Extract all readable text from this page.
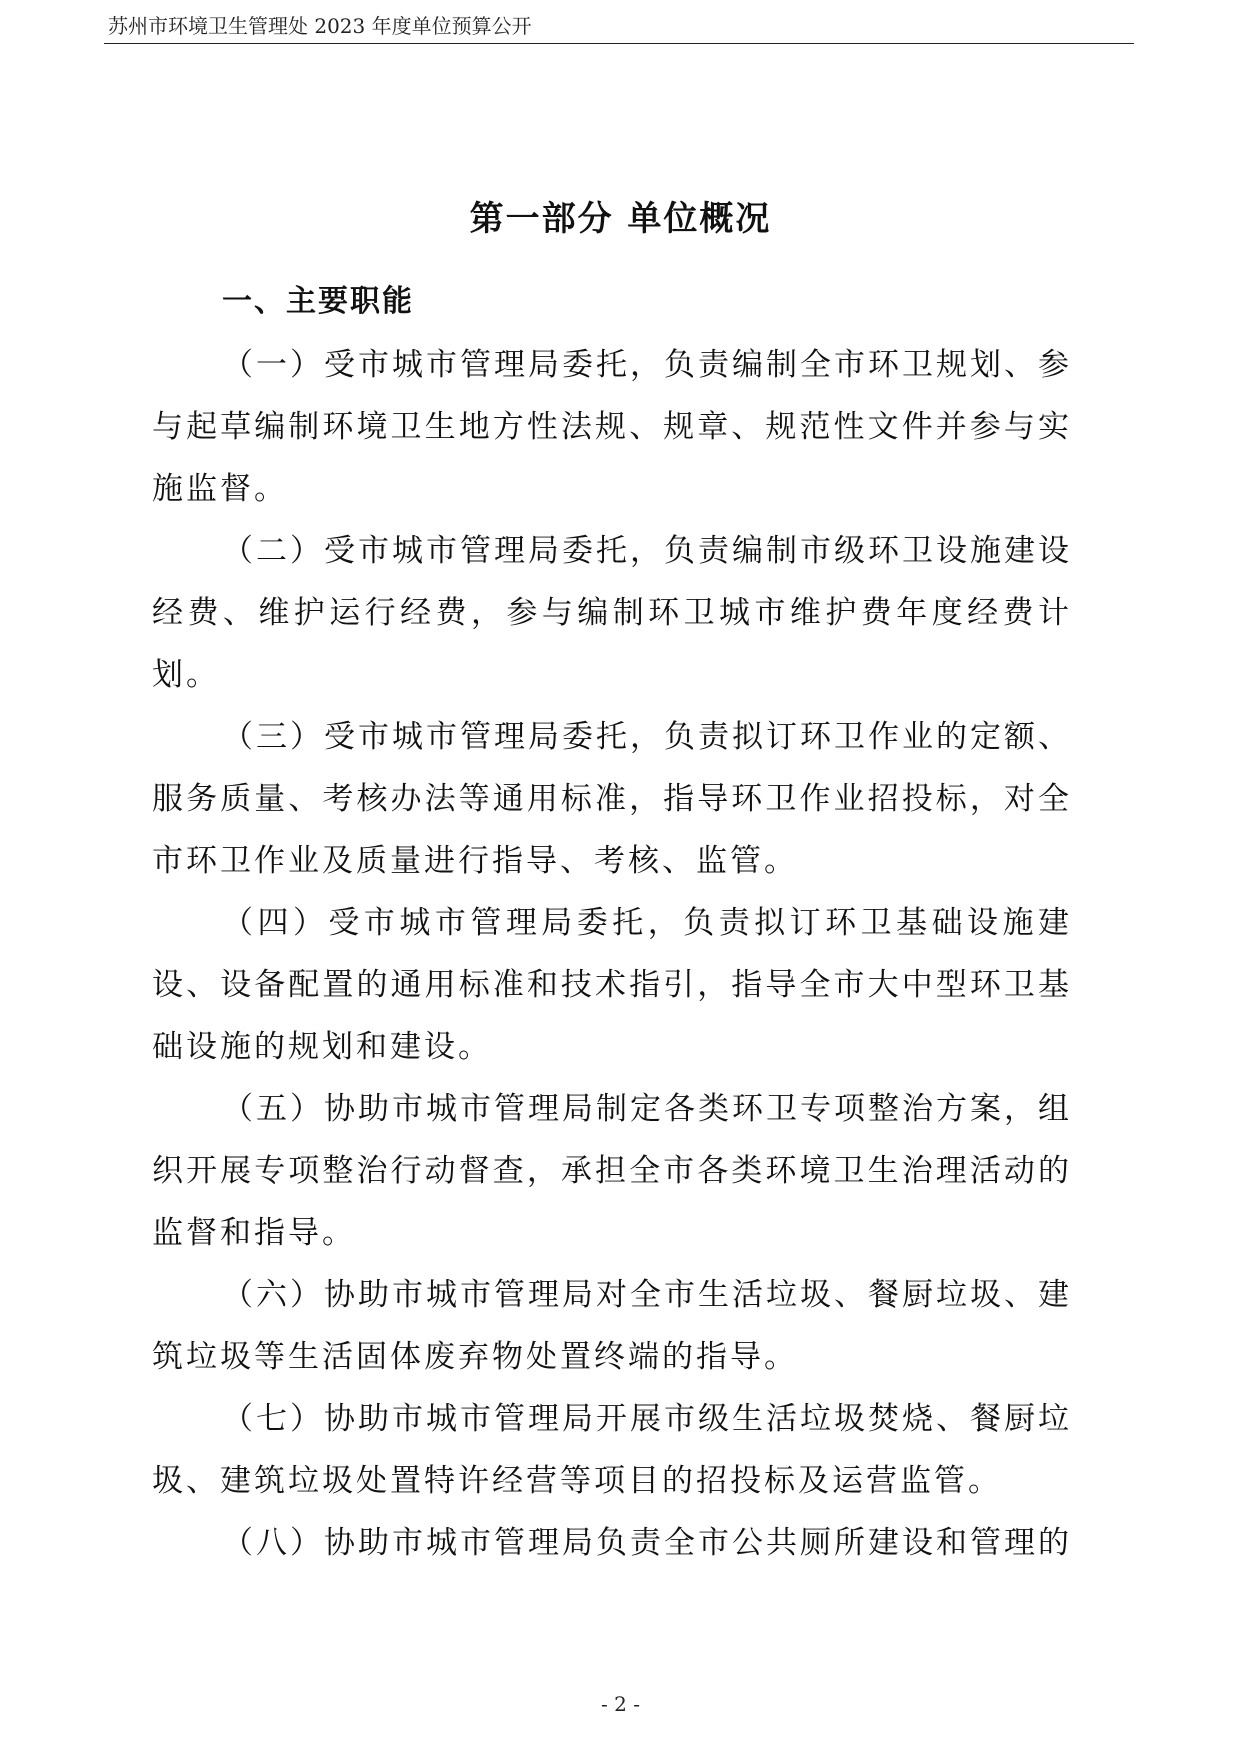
苏州市环境卫生管理处 2023 年度单位预算公开
第一部分 单位概况
一、主要职能

（一）受市城市管理局委托，负责编制全市环卫规划、参与起草编制环境卫生地方性法规、规章、规范性文件并参与实施监督。

（二）受市城市管理局委托，负责编制市级环卫设施建设经费、维护运行经费，参与编制环卫城市维护费年度经费计划。

（三）受市城市管理局委托，负责拟订环卫作业的定额、服务质量、考核办法等通用标准，指导环卫作业招投标，对全市环卫作业及质量进行指导、考核、监管。

（四）受市城市管理局委托，负责拟订环卫基础设施建设、设备配置的通用标准和技术指引，指导全市大中型环卫基础设施的规划和建设。

（五）协助市城市管理局制定各类环卫专项整治方案，组织开展专项整治行动督查，承担全市各类环境卫生治理活动的监督和指导。

（六）协助市城市管理局对全市生活垃圾、餐厨垃圾、建筑垃圾等生活固体废弃物处置终端的指导。

（七）协助市城市管理局开展市级生活垃圾焚烧、餐厨垃圾、建筑垃圾处置特许经营等项目的招投标及运营监管。

（八）协助市城市管理局负责全市公共厕所建设和管理的

- 2 -
